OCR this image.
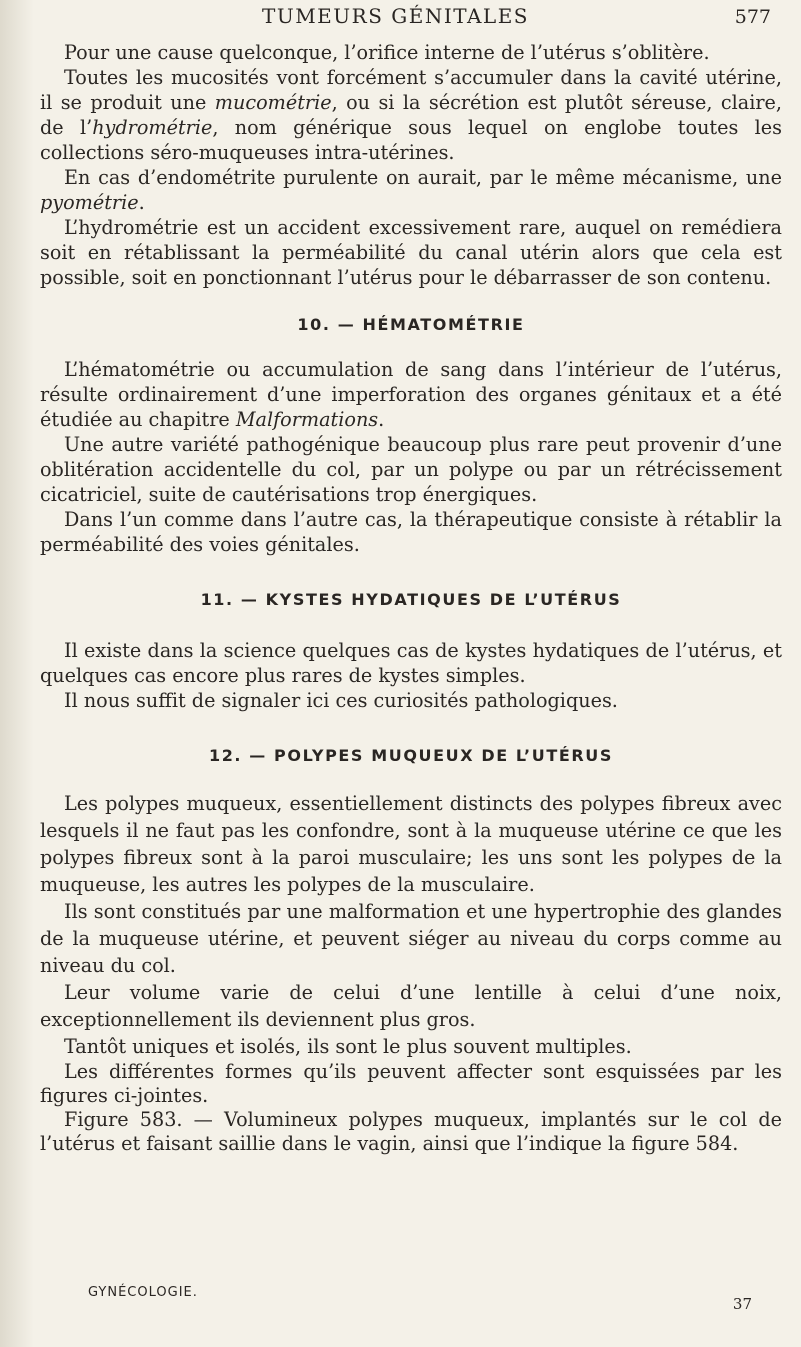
TUMEURS GÉNITALES	577

Pour une cause quelconque, l’orifice interne de l’utérus s’oblitère.

Toutes les mucosités vont forcément s’accumuler dans la cavité utérine, il se produit une mucométrie, ou si la sécrétion est plutôt séreuse, claire, de l’hydrométrie, nom générique sous lequel on englobe toutes les collections séro-muqueuses intra-utérines.

En cas d’endométrite purulente on aurait, par le même mécanisme, une pyométrie.

L’hydrométrie est un accident excessivement rare, auquel on remédiera soit en rétablissant la perméabilité du canal utérin alors que cela est possible, soit en ponctionnant l’utérus pour le débarrasser de son contenu.

10. — HÉMATOMÉTRIE

L’hématométrie ou accumulation de sang dans l’intérieur de l’utérus, résulte ordinairement d’une imperforation des organes génitaux et a été étudiée au chapitre Malformations.

Une autre variété pathogénique beaucoup plus rare peut provenir d’une oblitération accidentelle du col, par un polype ou par un rétrécissement cicatriciel, suite de cautérisations trop énergiques.

Dans l’un comme dans l’autre cas, la thérapeutique consiste à rétablir la perméabilité des voies génitales.

11. — KYSTES HYDATIQUES DE L’UTÉRUS

Il existe dans la science quelques cas de kystes hydatiques de l’utérus, et quelques cas encore plus rares de kystes simples.

Il nous suffit de signaler ici ces curiosités pathologiques.

12. — POLYPES MUQUEUX DE L’UTÉRUS

Les polypes muqueux, essentiellement distincts des polypes fibreux avec lesquels il ne faut pas les confondre, sont à la muqueuse utérine ce que les polypes fibreux sont à la paroi musculaire; les uns sont les polypes de la muqueuse, les autres les polypes de la musculaire.

Ils sont constitués par une malformation et une hypertrophie des glandes de la muqueuse utérine, et peuvent siéger au niveau du corps comme au niveau du col.

Leur volume varie de celui d’une lentille à celui d’une noix, exceptionnellement ils deviennent plus gros.

Tantôt uniques et isolés, ils sont le plus souvent multiples.

Les différentes formes qu’ils peuvent affecter sont esquissées par les figures ci-jointes.

Figure 583. — Volumineux polypes muqueux, implantés sur le col de l’utérus et faisant saillie dans le vagin, ainsi que l’indique la figure 584.

GYNÉCOLOGIE.
37
